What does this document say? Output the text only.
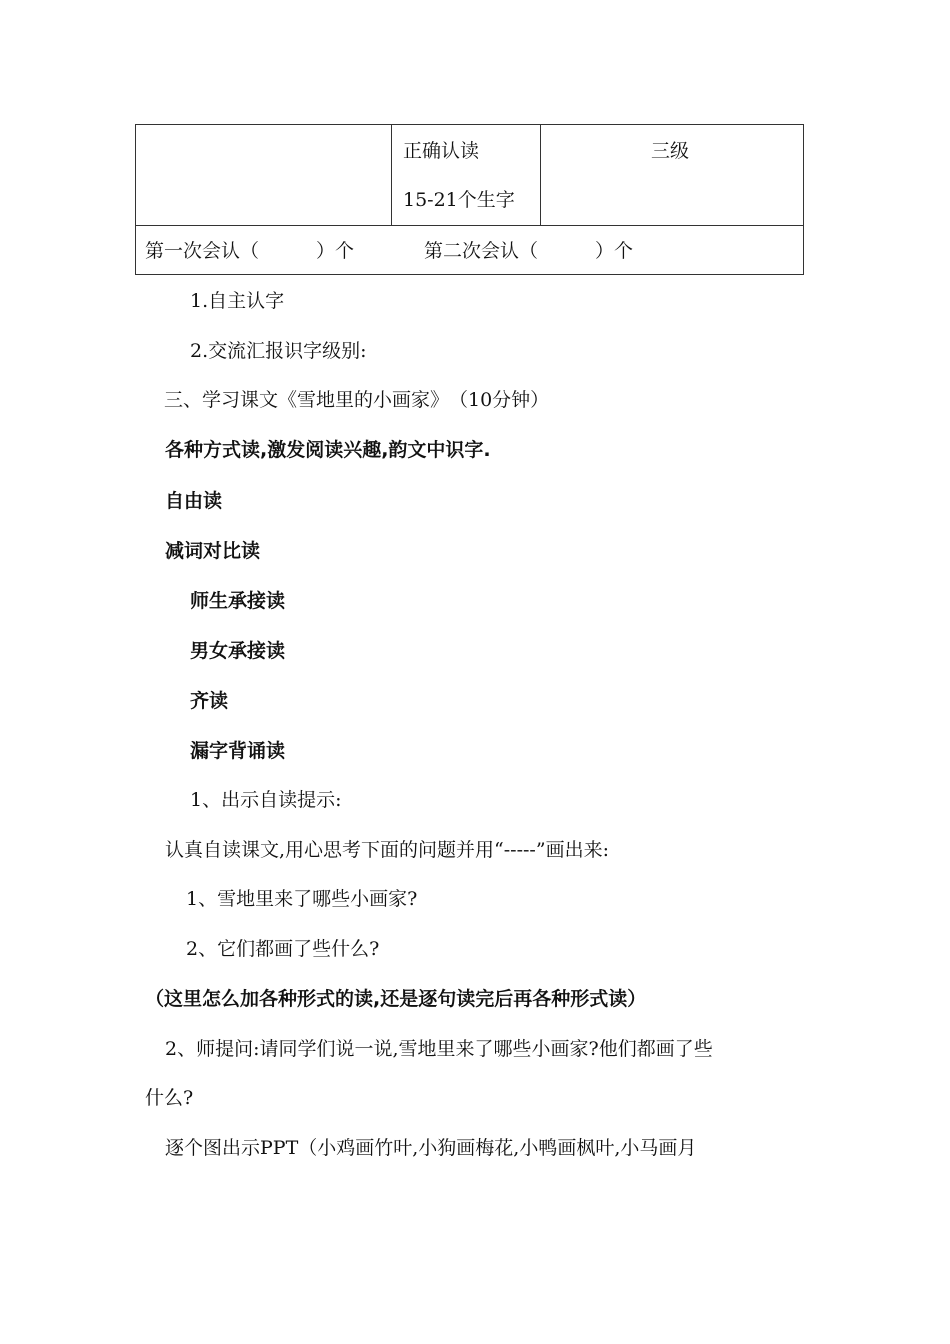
正确认读
15-21个生字
三级
第一次会认（　　　）个	第二次会认（　　　）个
1.自主认字
2.交流汇报识字级别:
三、学习课文《雪地里的小画家》　（10分钟）
各种方式读,激发阅读兴趣,韵文中识字.
自由读
减词对比读
师生承接读
男女承接读
齐读
漏字背诵读
1、出示自读提示:
认真自读课文,用心思考下面的问题并用“-----”画出来:
1、雪地里来了哪些小画家?
2、它们都画了些什么?
（这里怎么加各种形式的读,还是逐句读完后再各种形式读）
2、师提问:请同学们说一说,雪地里来了哪些小画家?他们都画了些
什么?
逐个图出示PPT（小鸡画竹叶,小狗画梅花,小鸭画枫叶,小马画月
